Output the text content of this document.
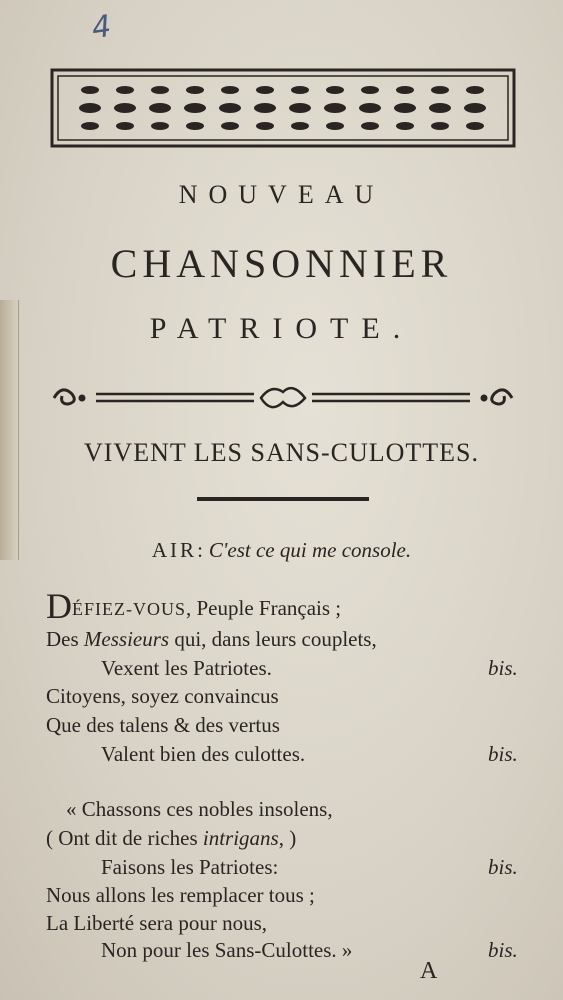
4
NOUVEAU
CHANSONNIER
PATRIOTE.
VIVENT LES SANS-CULOTTES.
AIR: C'est ce qui me console.
DÉFIEZ-VOUS, Peuple Français ;
Des Messieurs qui, dans leurs couplets,
Vexent les Patriotes.	bis.
Citoyens, soyez convaincus
Que des talens & des vertus
Valent bien des culottes.	bis.
« Chassons ces nobles insolens,
( Ont dit de riches intrigans, )
Faisons les Patriotes:	bis.
Nous allons les remplacer tous ;
La Liberté sera pour nous,
Non pour les Sans-Culottes. »	bis.
A
